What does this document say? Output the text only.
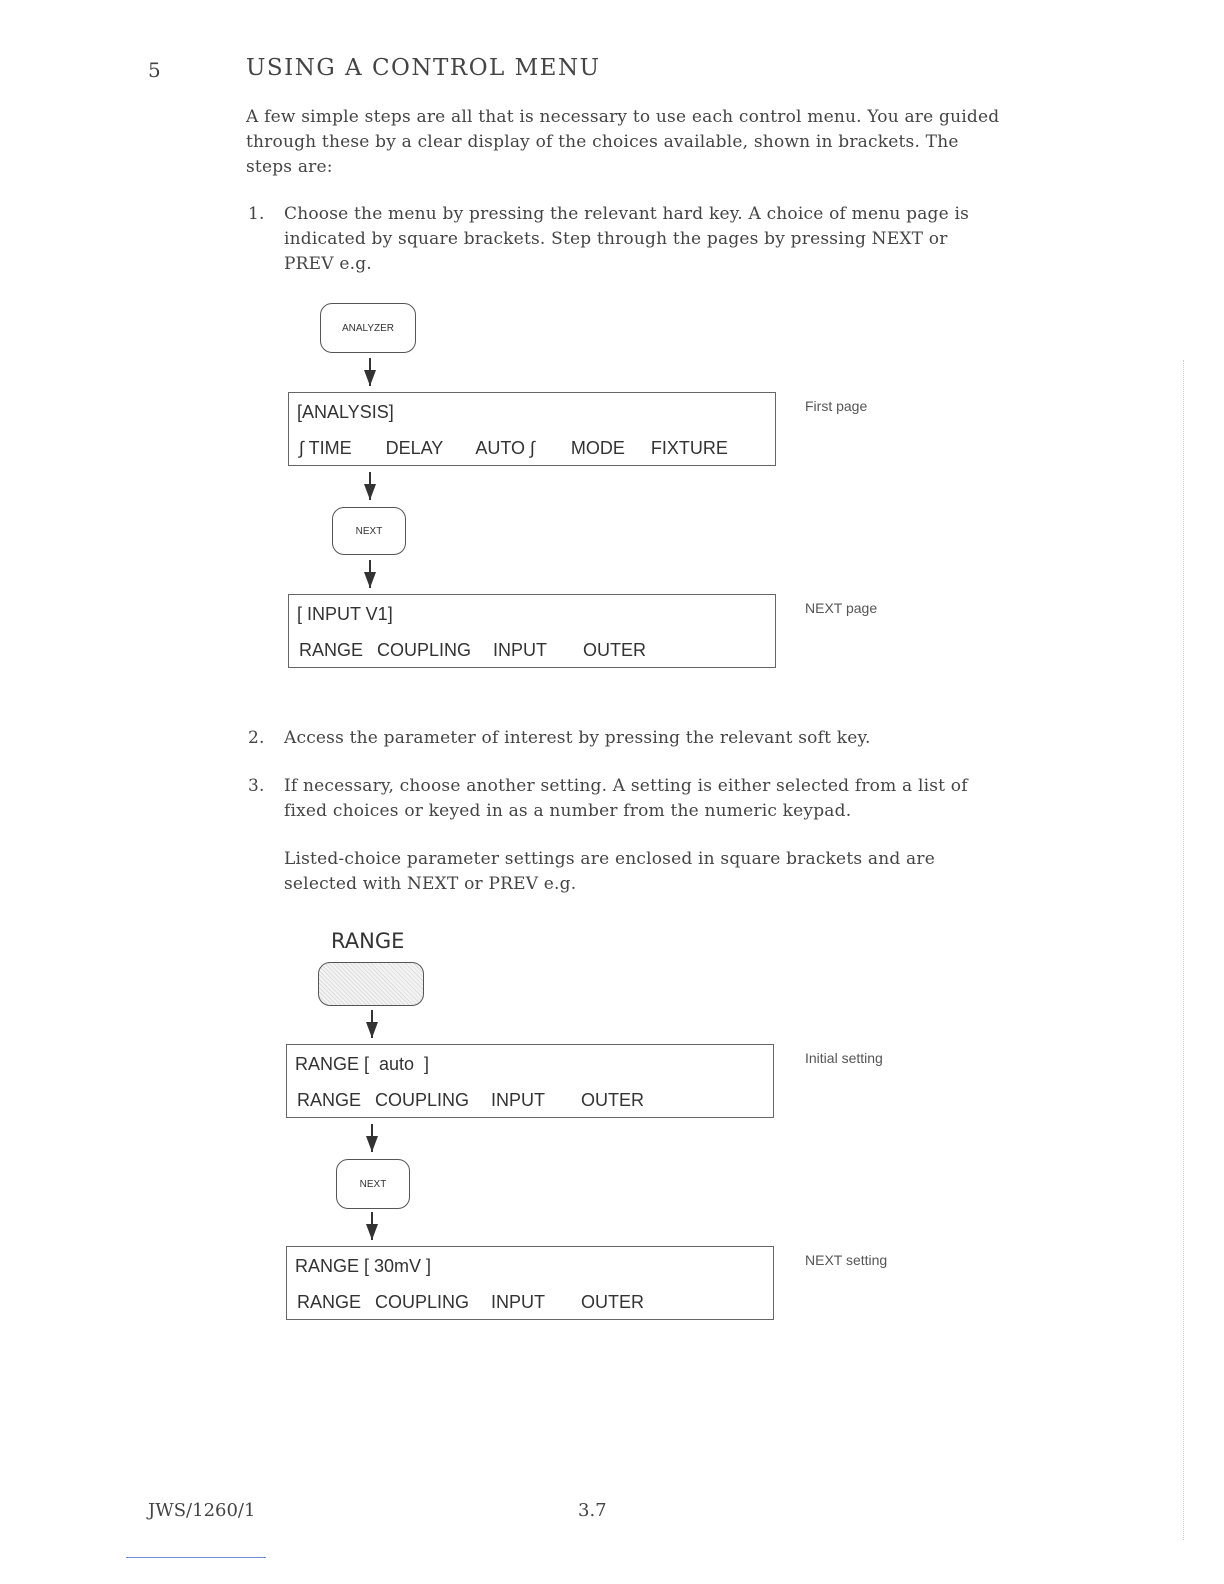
5	USING A CONTROL MENU
A few simple steps are all that is necessary to use each control menu. You are guided
through these by a clear display of the choices available, shown in brackets. The
steps are:
1. Choose the menu by pressing the relevant hard key. A choice of menu page is
indicated by square brackets. Step through the pages by pressing NEXT or
PREV e.g.
ANALYZER
[ANALYSIS]
∫ TIME DELAY AUTO ∫ MODE FIXTURE
First page
NEXT
[ INPUT V1]
RANGE COUPLING INPUT OUTER
NEXT page
2. Access the parameter of interest by pressing the relevant soft key.
3. If necessary, choose another setting. A setting is either selected from a list of
fixed choices or keyed in as a number from the numeric keypad.
Listed-choice parameter settings are enclosed in square brackets and are
selected with NEXT or PREV e.g.
RANGE
RANGE [  auto  ]
RANGE COUPLING INPUT OUTER
Initial setting
NEXT
RANGE [ 30mV ]
RANGE COUPLING INPUT OUTER
NEXT setting
JWS/1260/1	3.7
